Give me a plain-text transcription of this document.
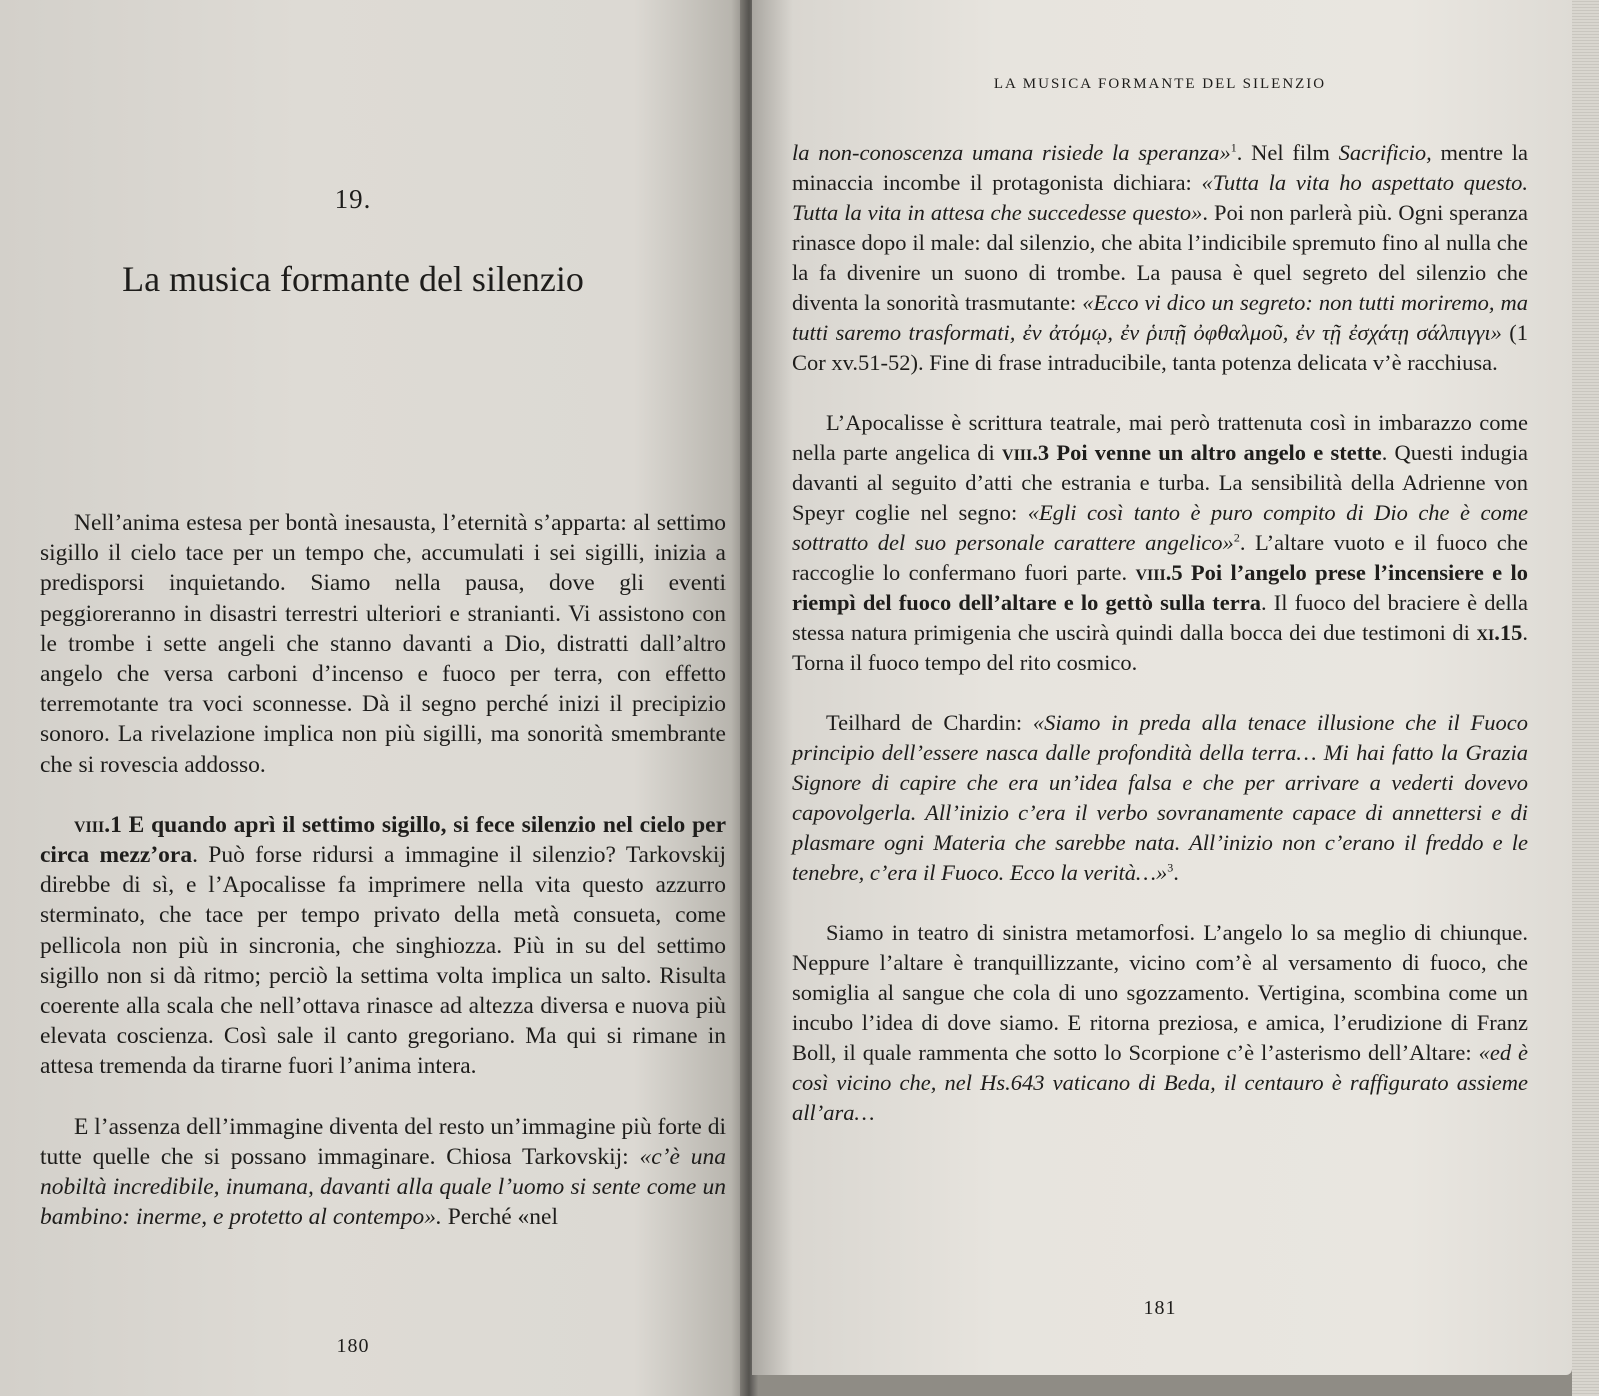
19.
La musica formante del silenzio

Nell’anima estesa per bontà inesausta, l’eternità s’apparta: al settimo sigillo il cielo tace per un tempo che, accumulati i sei sigilli, inizia a predisporsi inquietando. Siamo nella pausa, dove gli eventi peggioreranno in disastri terrestri ulteriori e stranianti. Vi assistono con le trombe i sette angeli che stanno davanti a Dio, distratti dall’altro angelo che versa carboni d’incenso e fuoco per terra, con effetto terremotante tra voci sconnesse. Dà il segno perché inizi il precipizio sonoro. La rivelazione implica non più sigilli, ma sonorità smembrante che si rovescia addosso.

viii.1 E quando aprì il settimo sigillo, si fece silenzio nel cielo per circa mezz’ora. Può forse ridursi a immagine il silenzio? Tarkovskij direbbe di sì, e l’Apocalisse fa imprimere nella vita questo azzurro sterminato, che tace per tempo privato della metà consueta, come pellicola non più in sincronia, che singhiozza. Più in su del settimo sigillo non si dà ritmo; perciò la settima volta implica un salto. Risulta coerente alla scala che nell’ottava rinasce ad altezza diversa e nuova più elevata coscienza. Così sale il canto gregoriano. Ma qui si rimane in attesa tremenda da tirarne fuori l’anima intera.

E l’assenza dell’immagine diventa del resto un’immagine più forte di tutte quelle che si possano immaginare. Chiosa Tarkovskij: «c’è una nobiltà incredibile, inumana, davanti alla quale l’uomo si sente come un bambino: inerme, e protetto al contempo». Perché «nel

180
LA MUSICA FORMANTE DEL SILENZIO

la non-conoscenza umana risiede la speranza»$^1$. Nel film Sacrificio, mentre la minaccia incombe il protagonista dichiara: «Tutta la vita ho aspettato questo. Tutta la vita in attesa che succedesse questo». Poi non parlerà più. Ogni speranza rinasce dopo il male: dal silenzio, che abita l’indicibile spremuto fino al nulla che la fa divenire un suono di trombe. La pausa è quel segreto del silenzio che diventa la sonorità trasmutante: «Ecco vi dico un segreto: non tutti moriremo, ma tutti saremo trasformati, ἐν ἀτόμῳ, ἐν ῥιπῇ ὀφθαλμοῦ, ἐν τῇ ἐσχάτῃ σάλπιγγι» (1 Cor xv.51-52). Fine di frase intraducibile, tanta potenza delicata v’è racchiusa.

L’Apocalisse è scrittura teatrale, mai però trattenuta così in imbarazzo come nella parte angelica di viii.3 Poi venne un altro angelo e stette. Questi indugia davanti al seguito d’atti che estrania e turba. La sensibilità della Adrienne von Speyr coglie nel segno: «Egli così tanto è puro compito di Dio che è come sottratto del suo personale carattere angelico»$^2$. L’altare vuoto e il fuoco che raccoglie lo confermano fuori parte. viii.5 Poi l’angelo prese l’incensiere e lo riempì del fuoco dell’altare e lo gettò sulla terra. Il fuoco del braciere è della stessa natura primigenia che uscirà quindi dalla bocca dei due testimoni di xi.15. Torna il fuoco tempo del rito cosmico.

Teilhard de Chardin: «Siamo in preda alla tenace illusione che il Fuoco principio dell’essere nasca dalle profondità della terra… Mi hai fatto la Grazia Signore di capire che era un’idea falsa e che per arrivare a vederti dovevo capovolgerla. All’inizio c’era il verbo sovranamente capace di annettersi e di plasmare ogni Materia che sarebbe nata. All’inizio non c’erano il freddo e le tenebre, c’era il Fuoco. Ecco la verità…»$^3$.

Siamo in teatro di sinistra metamorfosi. L’angelo lo sa meglio di chiunque. Neppure l’altare è tranquillizzante, vicino com’è al versamento di fuoco, che somiglia al sangue che cola di uno sgozzamento. Vertigina, scombina come un incubo l’idea di dove siamo. E ritorna preziosa, e amica, l’erudizione di Franz Boll, il quale rammenta che sotto lo Scorpione c’è l’asterismo dell’Altare: «ed è così vicino che, nel Hs.643 vaticano di Beda, il centauro è raffigurato assieme all’ara…

181
